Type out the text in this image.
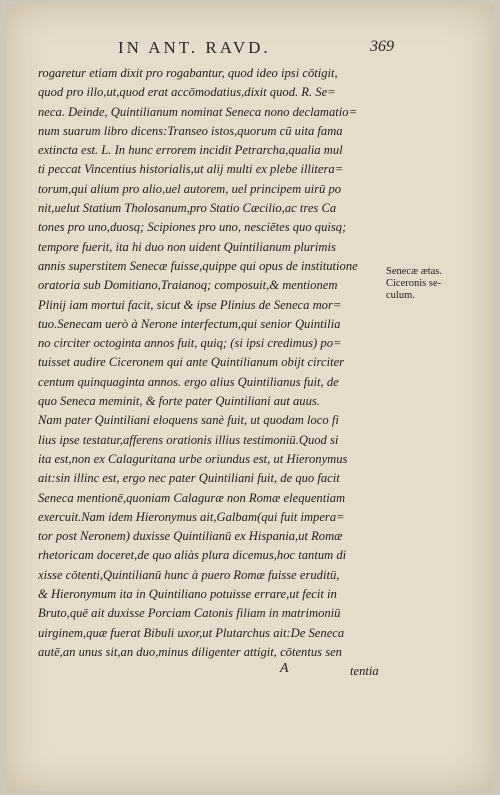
IN ANT. RAVD.	369
rogaretur etiam dixit pro rogabantur, quod ideo ipsi cōtigit,
quod pro illo,ut,quod erat accōmodatius,dixit quod. R. Se=
neca. Deinde, Quintilianum nominat Seneca nono declamatio=
num suarum libro dicens:Transeo istos,quorum cū uita fama
extincta est. L. In hunc errorem incidit Petrarcha,qualia mul
ti peccat Vincentius historialis,ut alij multi ex plebe illitera=
torum,qui alium pro alio,uel autorem, uel principem uirū po
nit,uelut Statium Tholosanum,pro Statio Cæcilio,ac tres Ca
tones pro uno,duosq; Scipiones pro uno, nesciētes quo quisq;
tempore fuerit, ita hi duo non uident Quintilianum plurimis
annis superstitem Senecæ fuisse,quippe qui opus de institutione
oratoria sub Domitiano,Traianoq; composuit,& mentionem
Plinij iam mortui facit, sicut & ipse Plinius de Seneca mor=
tuo.Senecam uerò à Nerone interfectum,qui senior Quintilia
no circiter octoginta annos fuit, quiq; (si ipsi credimus) po=
tuisset audire Ciceronem qui ante Quintilianum obijt circiter
centum quinquaginta annos. ergo alius Quintilianus fuit, de
quo Seneca meminit, & forte pater Quintiliani aut auus.
Nam pater Quintiliani eloquens sanè fuit, ut quodam loco fi
lius ipse testatur,afferens orationis illius testimoniū.Quod si
ita est,non ex Calaguritana urbe oriundus est, ut Hieronymus
ait:sin illinc est, ergo nec pater Quintiliani fuit, de quo facit
Seneca mentionē,quoniam Calaguræ non Romæ elequentiam
exercuit.Nam idem Hieronymus ait,Galbam(qui fuit impera=
tor post Neronem) duxisse Quintilianū ex Hispania,ut Romæ
rhetoricam doceret,de quo aliàs plura dicemus,hoc tantum di
xisse cōtenti,Quintilianū hunc à puero Romæ fuisse eruditū,
& Hieronymum ita in Quintiliano potuisse errare,ut fecit in
Bruto,quē ait duxisse Porciam Catonis filiam in matrimoniū
uirginem,quæ fuerat Bibuli uxor,ut Plutarchus ait:De Seneca
autē,an unus sit,an duo,minus diligenter attigit, cōtentus sen
Senecæ ætas.
Ciceronis se-
culum.
A	tentia
